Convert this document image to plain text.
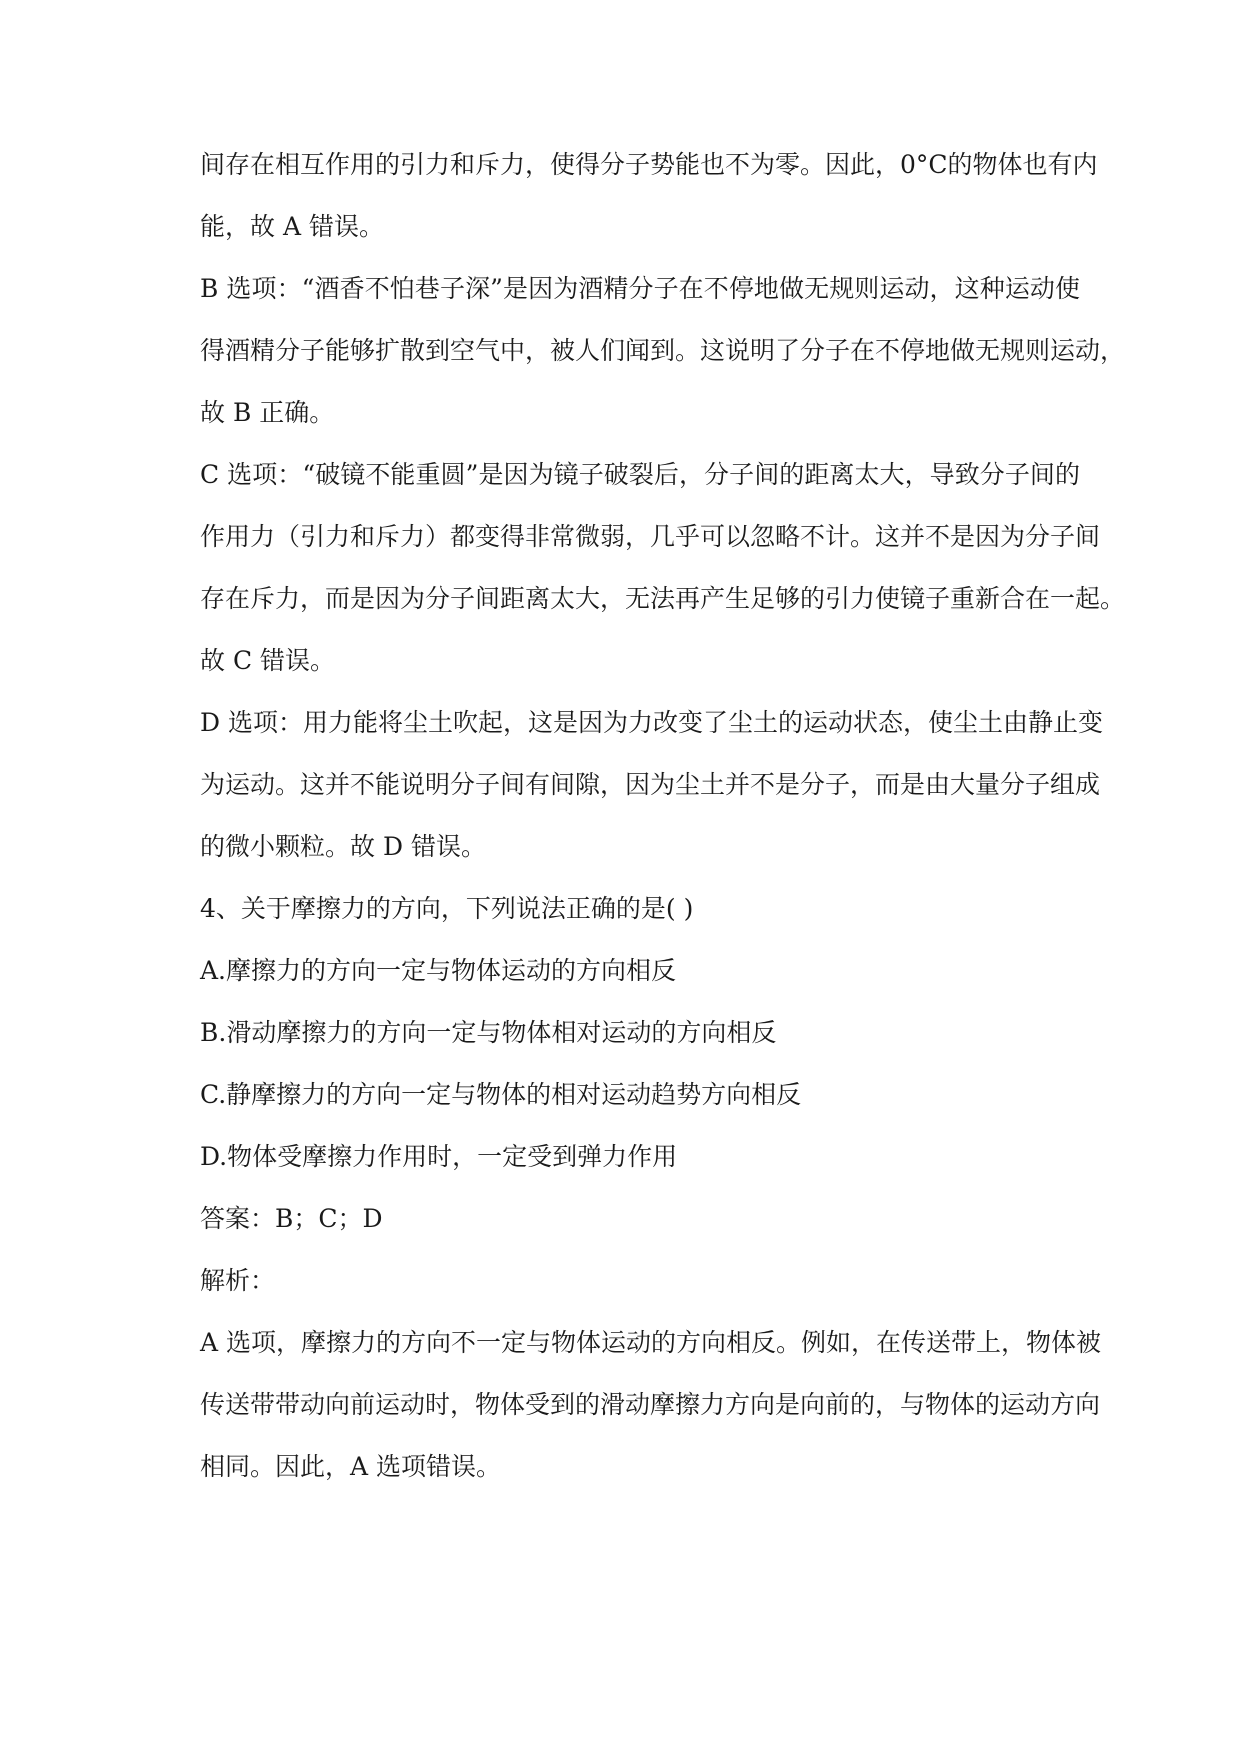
间存在相互作用的引力和斥力，使得分子势能也不为零。因此，0°C的物体也有内
能，故 A 错误。
B 选项：“酒香不怕巷子深”是因为酒精分子在不停地做无规则运动，这种运动使
得酒精分子能够扩散到空气中，被人们闻到。这说明了分子在不停地做无规则运动，
故 B 正确。
C 选项：“破镜不能重圆”是因为镜子破裂后，分子间的距离太大，导致分子间的
作用力（引力和斥力）都变得非常微弱，几乎可以忽略不计。这并不是因为分子间
存在斥力，而是因为分子间距离太大，无法再产生足够的引力使镜子重新合在一起。
故 C 错误。
D 选项：用力能将尘土吹起，这是因为力改变了尘土的运动状态，使尘土由静止变
为运动。这并不能说明分子间有间隙，因为尘土并不是分子，而是由大量分子组成
的微小颗粒。故 D 错误。
4、关于摩擦力的方向，下列说法正确的是( )
A.摩擦力的方向一定与物体运动的方向相反
B.滑动摩擦力的方向一定与物体相对运动的方向相反
C.静摩擦力的方向一定与物体的相对运动趋势方向相反
D.物体受摩擦力作用时，一定受到弹力作用
答案：B；C；D
解析：
A 选项，摩擦力的方向不一定与物体运动的方向相反。例如，在传送带上，物体被
传送带带动向前运动时，物体受到的滑动摩擦力方向是向前的，与物体的运动方向
相同。因此，A 选项错误。
